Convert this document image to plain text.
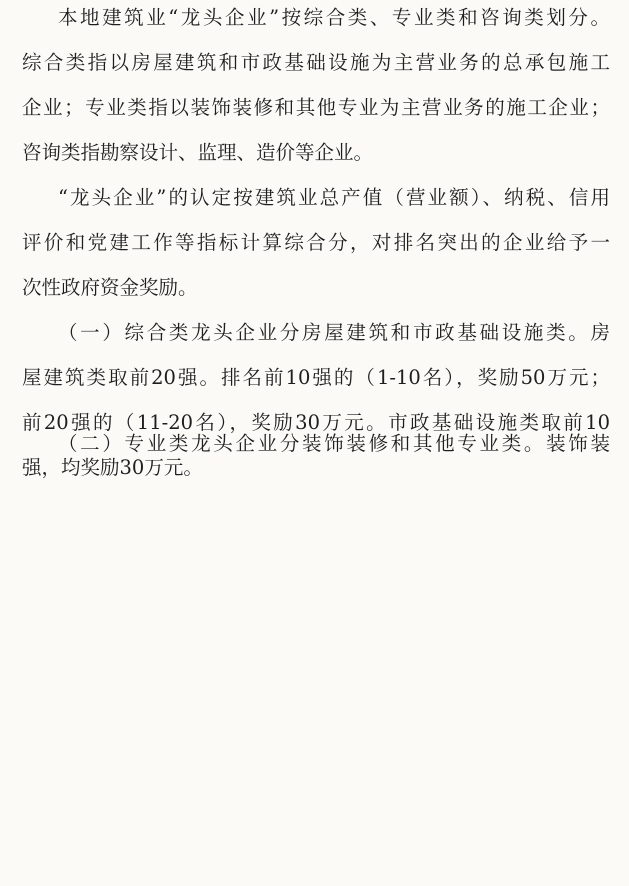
本地建筑业“龙头企业”按综合类、专业类和咨询类划分。
综合类指以房屋建筑和市政基础设施为主营业务的总承包施工
企业；专业类指以装饰装修和其他专业为主营业务的施工企业；
咨询类指勘察设计、监理、造价等企业。
“龙头企业”的认定按建筑业总产值（营业额）、纳税、信用
评价和党建工作等指标计算综合分，对排名突出的企业给予一
次性政府资金奖励。
（一）综合类龙头企业分房屋建筑和市政基础设施类。房
屋建筑类取前20强。排名前10强的（1-10名），奖励50万元；
前20强的（11-20名），奖励30万元。市政基础设施类取前10
强，均奖励30万元。
（二）专业类龙头企业分装饰装修和其他专业类。装饰装
